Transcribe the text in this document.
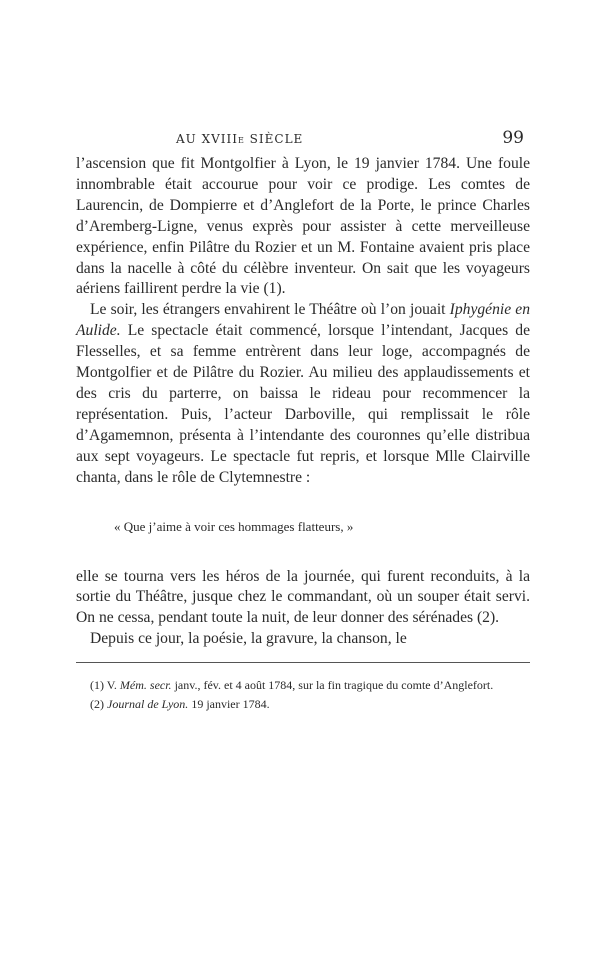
AU XVIIIe SIÈCLE	99

l’ascension que fit Montgolfier à Lyon, le 19 janvier 1784. Une foule innombrable était accourue pour voir ce prodige. Les comtes de Laurencin, de Dompierre et d’Anglefort de la Porte, le prince Charles d’Aremberg-Ligne, venus exprès pour assister à cette merveilleuse expérience, enfin Pilâtre du Rozier et un M. Fontaine avaient pris place dans la nacelle à côté du célèbre inventeur. On sait que les voyageurs aériens faillirent perdre la vie (1).

Le soir, les étrangers envahirent le Théâtre où l’on jouait Iphygénie en Aulide. Le spectacle était commencé, lorsque l’intendant, Jacques de Flesselles, et sa femme entrèrent dans leur loge, accompagnés de Montgolfier et de Pilâtre du Rozier. Au milieu des applaudissements et des cris du parterre, on baissa le rideau pour recommencer la représentation. Puis, l’acteur Darboville, qui remplissait le rôle d’Agamemnon, présenta à l’intendante des couronnes qu’elle distribua aux sept voyageurs. Le spectacle fut repris, et lorsque Mlle Clairville chanta, dans le rôle de Clytemnestre :

« Que j’aime à voir ces hommages flatteurs, »

elle se tourna vers les héros de la journée, qui furent reconduits, à la sortie du Théâtre, jusque chez le commandant, où un souper était servi. On ne cessa, pendant toute la nuit, de leur donner des sérénades (2).

Depuis ce jour, la poésie, la gravure, la chanson, le

(1) V. Mém. secr. janv., fév. et 4 août 1784, sur la fin tragique du comte d’Anglefort.

(2) Journal de Lyon. 19 janvier 1784.
